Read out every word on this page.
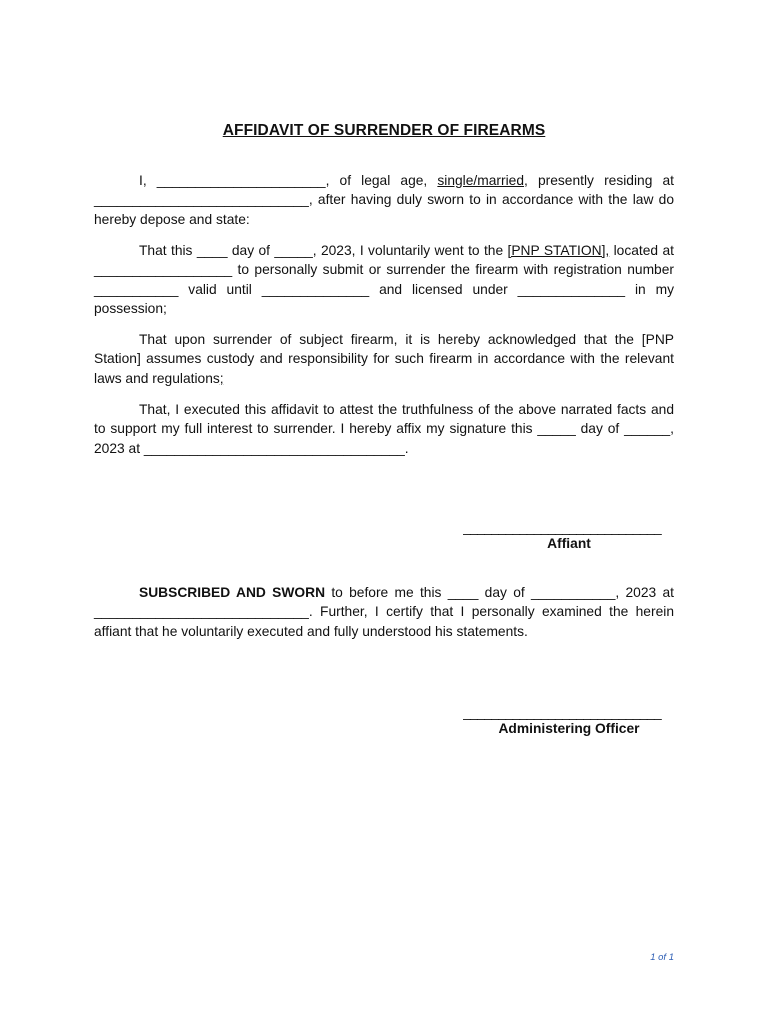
AFFIDAVIT OF SURRENDER OF FIREARMS

I, ______________________, of legal age, single/married, presently residing at ____________________________, after having duly sworn to in accordance with the law do hereby depose and state:

That this ____ day of _____, 2023, I voluntarily went to the [PNP STATION], located at __________________ to personally submit or surrender the firearm with registration number ___________ valid until ______________ and licensed under ______________ in my possession;

That upon surrender of subject firearm, it is hereby acknowledged that the [PNP Station] assumes custody and responsibility for such firearm in accordance with the relevant laws and regulations;

That, I executed this affidavit to attest the truthfulness of the above narrated facts and to support my full interest to surrender. I hereby affix my signature this _____ day of ______, 2023 at __________________________________.

____________________________
Affiant

SUBSCRIBED AND SWORN to before me this ____ day of ___________, 2023 at ____________________________. Further, I certify that I personally examined the herein affiant that he voluntarily executed and fully understood his statements.

____________________________
Administering Officer
1 of 1
